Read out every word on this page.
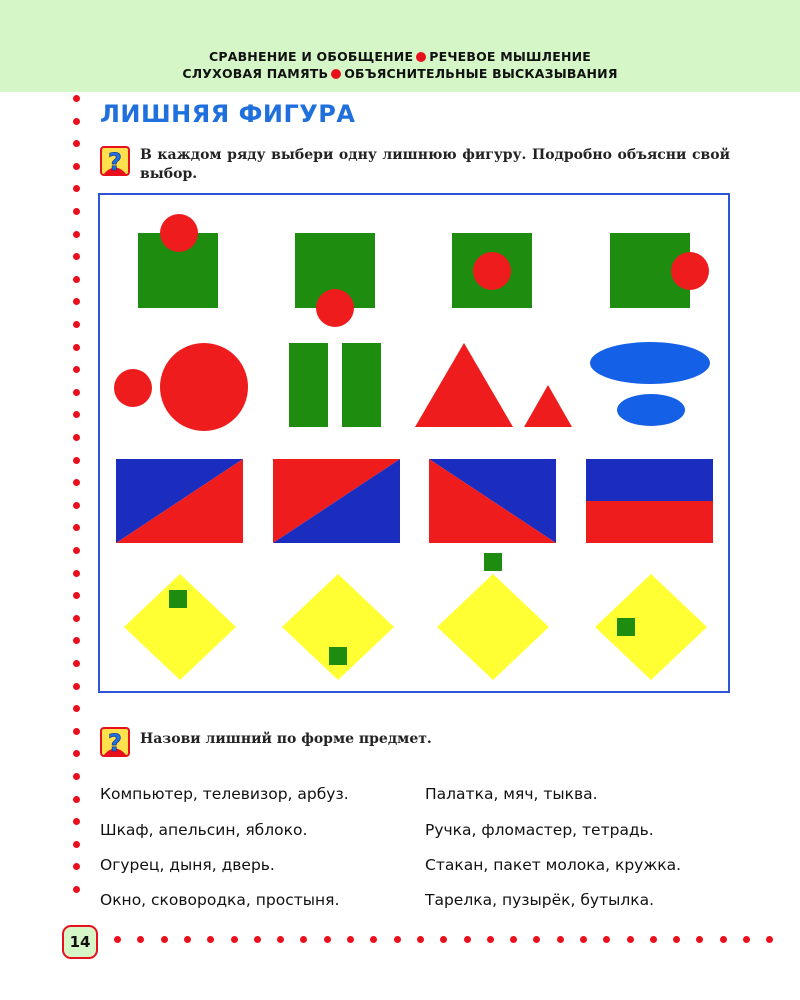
СРАВНЕНИЕ И ОБОБЩЕНИЕ РЕЧЕВОЕ МЫШЛЕНИЕ
СЛУХОВАЯ ПАМЯТЬ ОБЪЯСНИТЕЛЬНЫЕ ВЫСКАЗЫВАНИЯ
ЛИШНЯЯ ФИГУРА
? В каждом ряду выбери одну лишнюю фигуру. Подробно объясни свой выбор.
? Назови лишний по форме предмет.
Компьютер, телевизор, арбуз.
Шкаф, апельсин, яблоко.
Огурец, дыня, дверь.
Окно, сковородка, простыня.
Палатка, мяч, тыква.
Ручка, фломастер, тетрадь.
Стакан, пакет молока, кружка.
Тарелка, пузырёк, бутылка.
14
